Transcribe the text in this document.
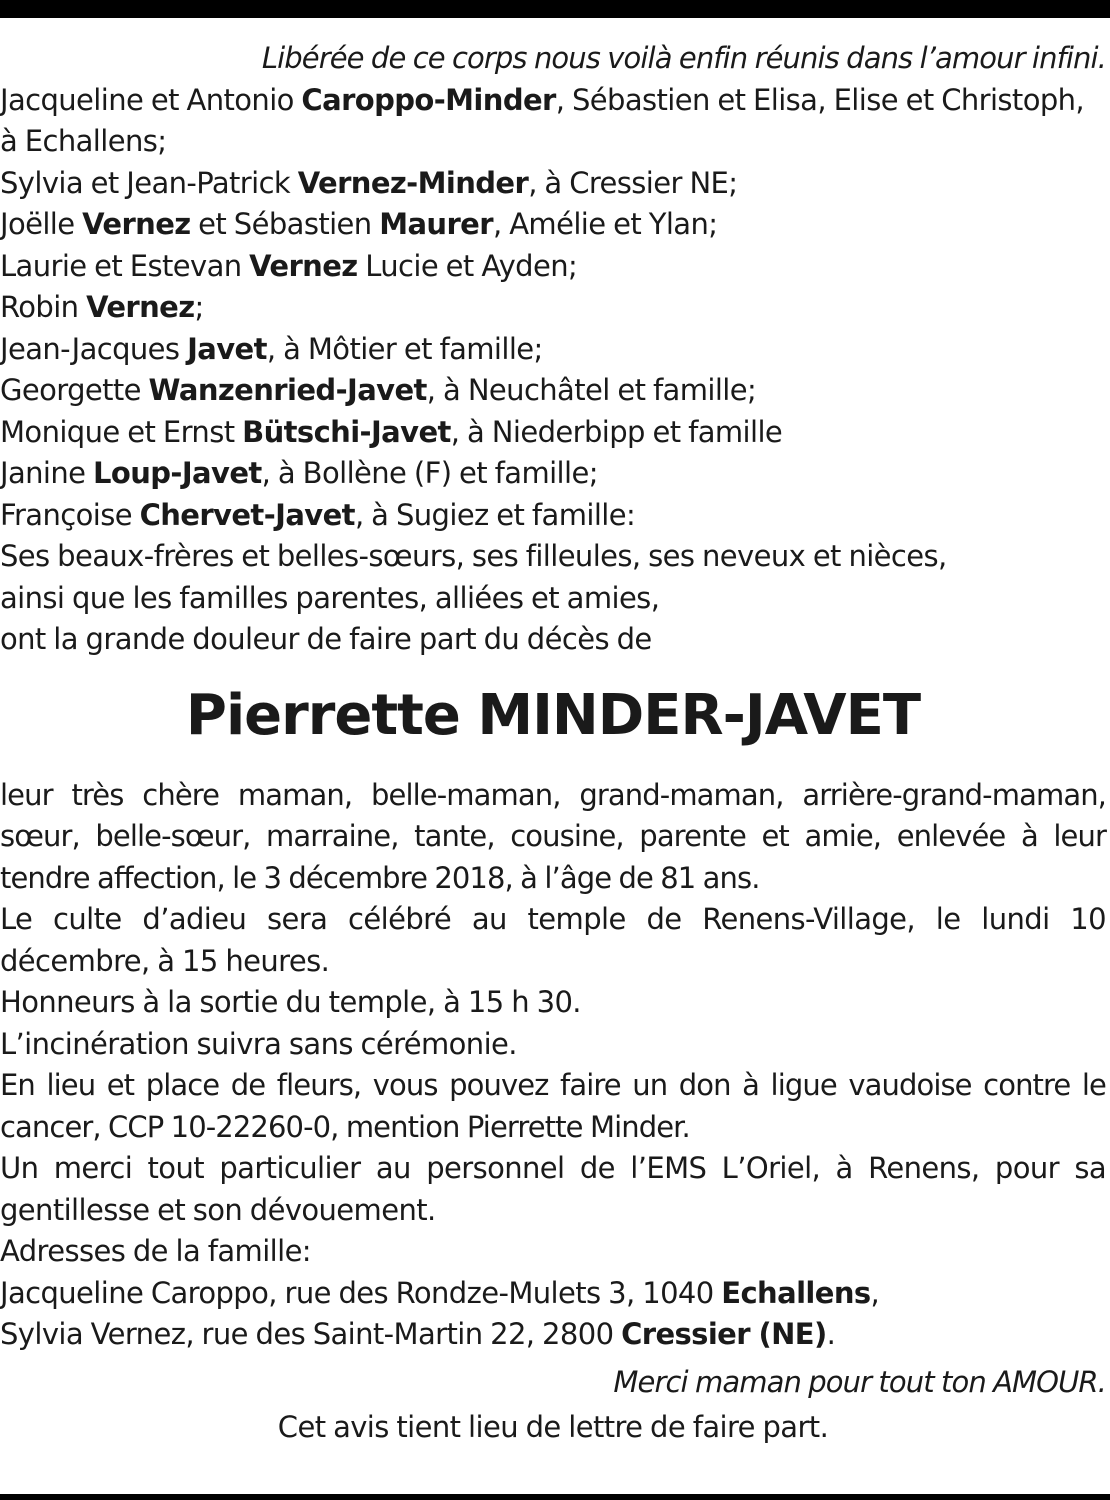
Libérée de ce corps nous voilà enfin réunis dans l’amour infini.

Jacqueline et Antonio Caroppo-Minder, Sébastien et Elisa, Elise et Christoph,

à Echallens;

Sylvia et Jean-Patrick Vernez-Minder, à Cressier NE;

Joëlle Vernez et Sébastien Maurer, Amélie et Ylan;

Laurie et Estevan Vernez Lucie et Ayden;

Robin Vernez;

Jean-Jacques Javet, à Môtier et famille;

Georgette Wanzenried-Javet, à Neuchâtel et famille;

Monique et Ernst Bütschi-Javet, à Niederbipp et famille

Janine Loup-Javet, à Bollène (F) et famille;

Françoise Chervet-Javet, à Sugiez et famille:

Ses beaux-frères et belles-sœurs, ses filleules, ses neveux et nièces,

ainsi que les familles parentes, alliées et amies,

ont la grande douleur de faire part du décès de

Pierrette MINDER-JAVET

leur très chère maman, belle-maman, grand-maman, arrière-grand-maman, sœur, belle-sœur, marraine, tante, cousine, parente et amie, enlevée à leur tendre affection, le 3 décembre 2018, à l’âge de 81 ans.

Le culte d’adieu sera célébré au temple de Renens-Village, le lundi 10 décembre, à 15 heures.

Honneurs à la sortie du temple, à 15 h 30.

L’incinération suivra sans cérémonie.

En lieu et place de fleurs, vous pouvez faire un don à ligue vaudoise contre le cancer, CCP 10-22260-0, mention Pierrette Minder.

Un merci tout particulier au personnel de l’EMS L’Oriel, à Renens, pour sa gentillesse et son dévouement.

Adresses de la famille:

Jacqueline Caroppo, rue des Rondze-Mulets 3, 1040 Echallens,

Sylvia Vernez, rue des Saint-Martin 22, 2800 Cressier (NE).

Merci maman pour tout ton AMOUR.

Cet avis tient lieu de lettre de faire part.
